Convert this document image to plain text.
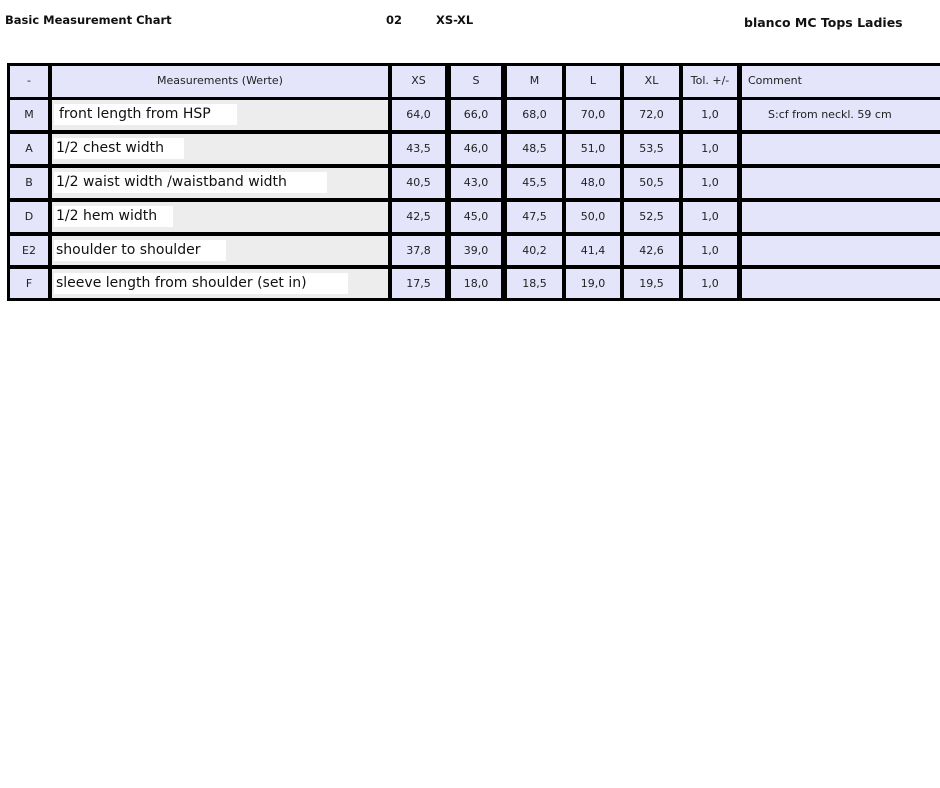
Basic Measurement Chart	02	XS-XL	blanco MC Tops Ladies
-	Measurements (Werte)	XS	S	M	L	XL	Tol. +/-	Comment
M	front length from HSP	64,0	66,0	68,0	70,0	72,0	1,0	S:cf from neckl. 59 cm
A	1/2 chest width	43,5	46,0	48,5	51,0	53,5	1,0
B	1/2 waist width /waistband width	40,5	43,0	45,5	48,0	50,5	1,0
D	1/2 hem width	42,5	45,0	47,5	50,0	52,5	1,0
E2	shoulder to shoulder	37,8	39,0	40,2	41,4	42,6	1,0
F	sleeve length from shoulder (set in)	17,5	18,0	18,5	19,0	19,5	1,0
